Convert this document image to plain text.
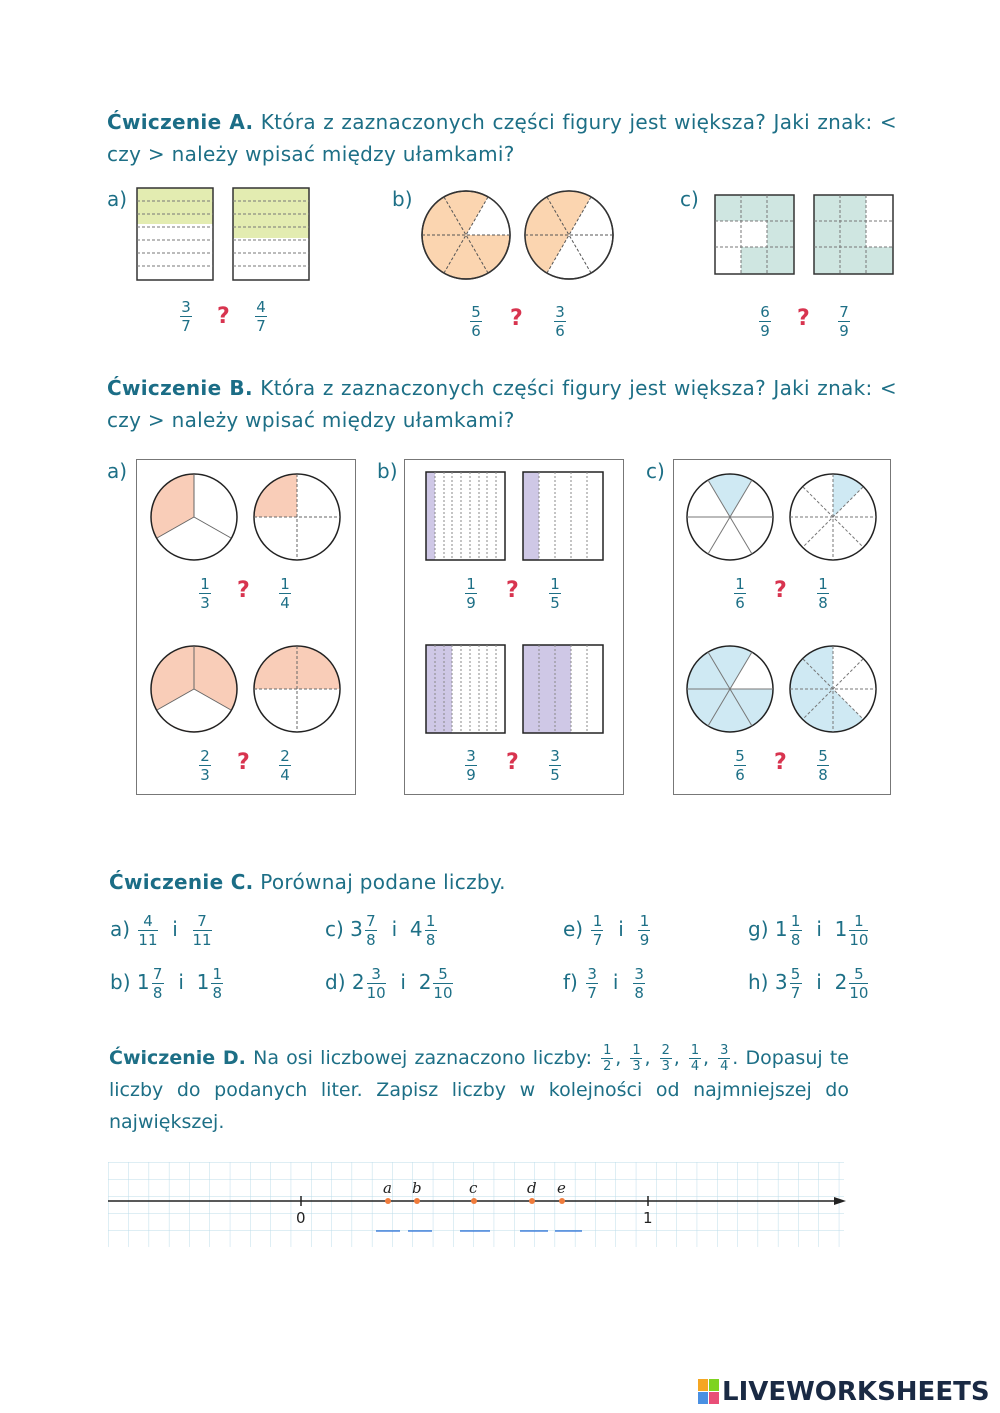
Ćwiczenie A. Która z zaznaczonych części figury jest większa? Jaki znak: < czy > należy wpisać między ułamkami?
a)	b)	c)
3
7 ? 4
7
5
6 ? 3
6
6
9 ? 7
9
Ćwiczenie B. Która z zaznaczonych części figury jest większa? Jaki znak: < czy > należy wpisać między ułamkami?
a)	b)	c)
1
3 ? 1
4
2
3 ? 2
4
1
9 ? 1
5
3
9 ? 3
5
1
6 ? 1
8
5
6 ? 5
8
Ćwiczenie C. Porównaj podane liczby.
$a) \frac{4}{11}$ i $\frac{7}{11}$
b) $1 \frac{7}{8}$ i $1 \frac{1}{8}$
c) $3 \frac{7}{8}$ i $4 \frac{1}{8}$
d) $2 \frac{3}{10}$ i $2 \frac{5}{10}$
$e) \frac{1}{7}$ i $\frac{1}{9}$
$f) \frac{3}{7}$ i $\frac{3}{8}$
g) $1 \frac{1}{8}$ i $1 \frac{1}{10}$
h) $3 \frac{5}{7}$ i $2 \frac{5}{10}$
Ćwiczenie D. Na osi liczbowej zaznaczono liczby: $\frac{1}{2}$ , $\frac{1}{3}$ , $\frac{2}{3}$ , $\frac{1}{4}$ , $\frac{3}{4}$ . Dopasuj te liczby do podanych liter. Zapisz liczby w kolejności od najmniejszej do największej.
0	1
a b	c	d e
LIVEWORKSHEETS
